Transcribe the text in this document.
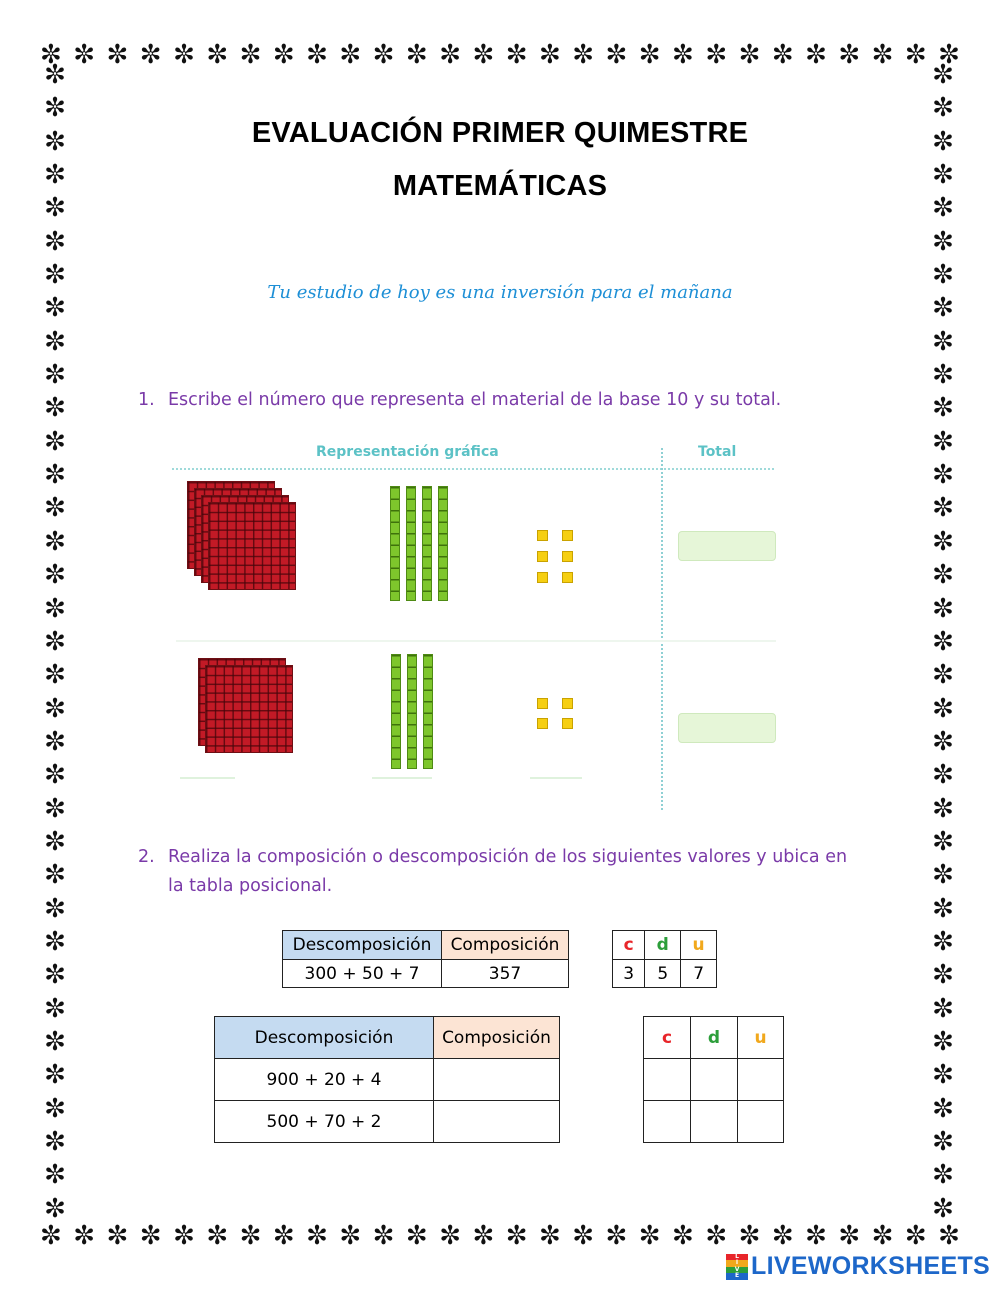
✼ ✼ ✼ ✼ ✼ ✼ ✼ ✼ ✼ ✼ ✼ ✼ ✼ ✼ ✼ ✼ ✼ ✼ ✼ ✼ ✼ ✼ ✼ ✼ ✼ ✼ ✼ ✼
✼ ✼ ✼ ✼ ✼ ✼ ✼ ✼ ✼ ✼ ✼ ✼ ✼ ✼ ✼ ✼ ✼ ✼ ✼ ✼ ✼ ✼ ✼ ✼ ✼ ✼ ✼ ✼
✼
✼
✼
✼
✼
✼
✼
✼
✼
✼
✼
✼
✼
✼
✼
✼
✼
✼
✼
✼
✼
✼
✼
✼
✼
✼
✼
✼
✼
✼
✼
✼
✼
✼
✼
✼
✼
✼
✼
✼
✼
✼
✼
✼
✼
✼
✼
✼
✼
✼
✼
✼
✼
✼
✼
✼
✼
✼
✼
✼
✼
✼
✼
✼
✼
✼
✼
✼
✼
✼
EVALUACIÓN PRIMER QUIMESTRE
MATEMÁTICAS
Tu estudio de hoy es una inversión para el mañana
1. Escribe el número que representa el material de la base 10 y su total.
Representación gráfica	Total
2. Realiza la composición o descomposición de los siguientes valores y ubica en
la tabla posicional.
Descomposición	Composición
300 + 50 + 7	357
c	d	u
3	5	7
Descomposición	Composición
900 + 20 + 4	
500 + 70 + 2	
c	d	u

L
I
V
E LIVEWORKSHEETS
